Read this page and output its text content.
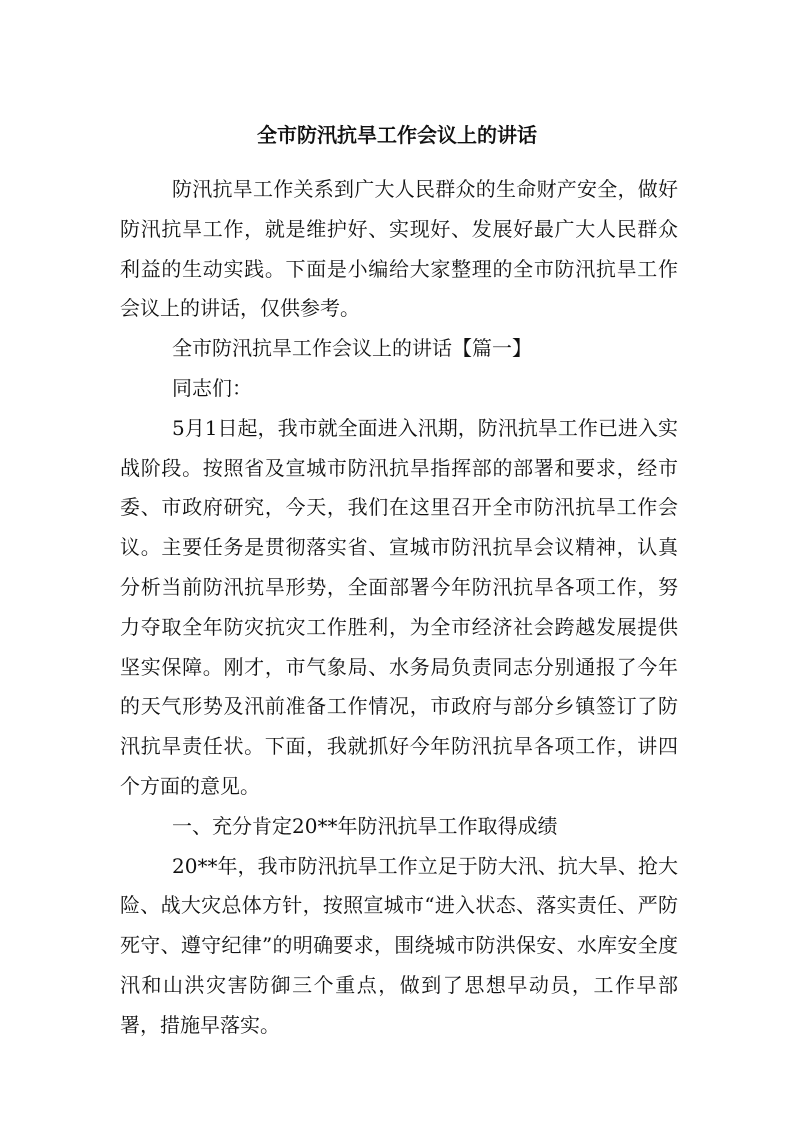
全市防汛抗旱工作会议上的讲话

防汛抗旱工作关系到广大人民群众的生命财产安全，做好防汛抗旱工作，就是维护好、实现好、发展好最广大人民群众利益的生动实践。下面是小编给大家整理的全市防汛抗旱工作会议上的讲话，仅供参考。

全市防汛抗旱工作会议上的讲话【篇一】

同志们：

5月1日起，我市就全面进入汛期，防汛抗旱工作已进入实战阶段。按照省及宣城市防汛抗旱指挥部的部署和要求，经市委、市政府研究，今天，我们在这里召开全市防汛抗旱工作会议。主要任务是贯彻落实省、宣城市防汛抗旱会议精神，认真分析当前防汛抗旱形势，全面部署今年防汛抗旱各项工作，努力夺取全年防灾抗灾工作胜利，为全市经济社会跨越发展提供坚实保障。刚才，市气象局、水务局负责同志分别通报了今年的天气形势及汛前准备工作情况，市政府与部分乡镇签订了防汛抗旱责任状。下面，我就抓好今年防汛抗旱各项工作，讲四个方面的意见。

一、充分肯定20**年防汛抗旱工作取得成绩

20**年，我市防汛抗旱工作立足于防大汛、抗大旱、抢大险、战大灾总体方针，按照宣城市“进入状态、落实责任、严防死守、遵守纪律”的明确要求，围绕城市防洪保安、水库安全度汛和山洪灾害防御三个重点，做到了思想早动员，工作早部署，措施早落实。
